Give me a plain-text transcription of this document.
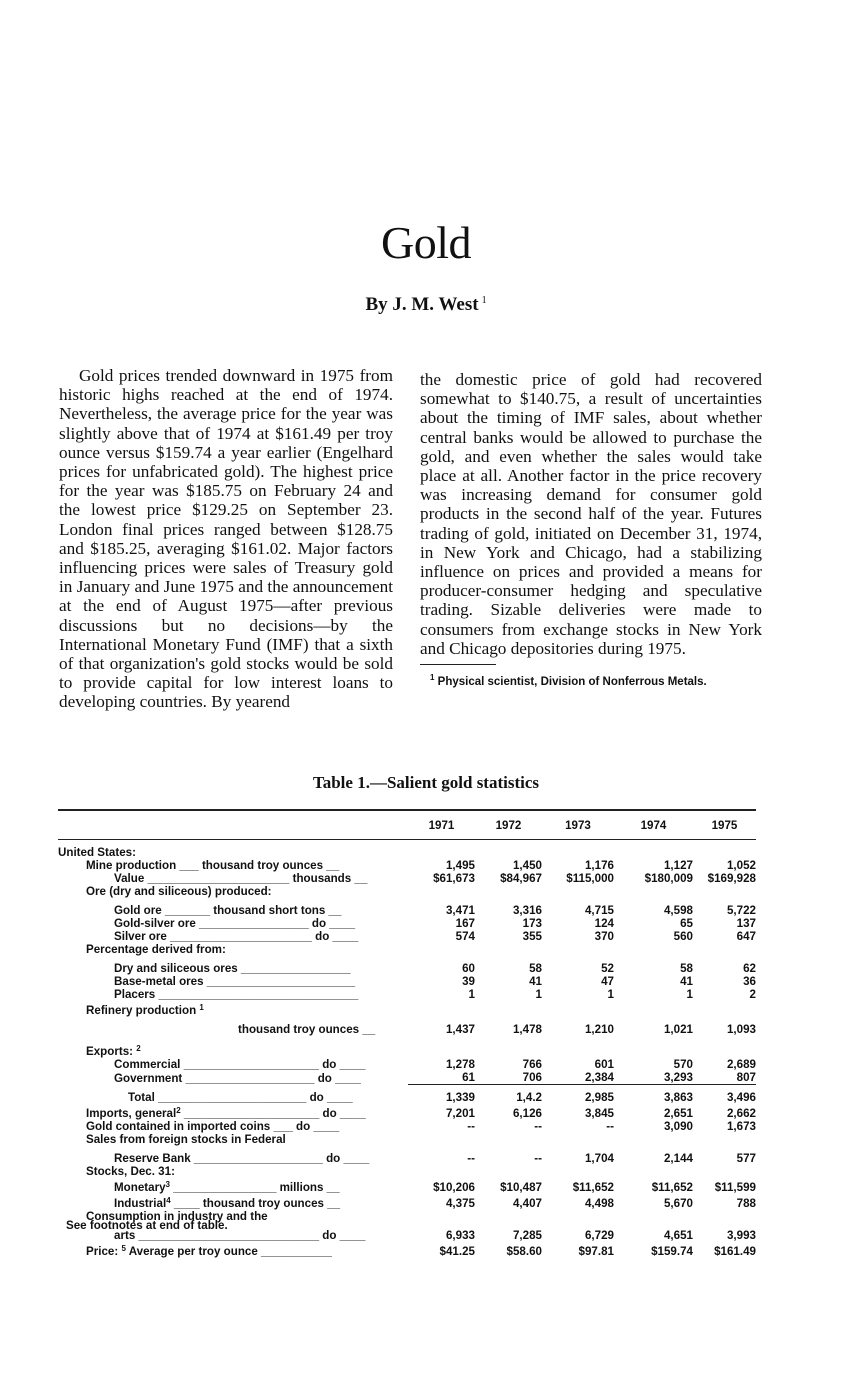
Gold
By J. M. West $^1$
Gold prices trended downward in 1975 from historic highs reached at the end of 1974. Nevertheless, the average price for the year was slightly above that of 1974 at $161.49 per troy ounce versus $159.74 a year earlier (Engelhard prices for unfabricated gold). The highest price for the year was $185.75 on February 24 and the lowest price $129.25 on September 23. London final prices ranged between $128.75 and $185.25, averaging $161.02. Major factors influencing prices were sales of Treasury gold in January and June 1975 and the announcement at the end of August 1975—after previous discussions but no decisions—by the International Monetary Fund (IMF) that a sixth of that organization's gold stocks would be sold to provide capital for low interest loans to developing countries. By yearend
the domestic price of gold had recovered somewhat to $140.75, a result of uncertainties about the timing of IMF sales, about whether central banks would be allowed to purchase the gold, and even whether the sales would take place at all. Another factor in the price recovery was increasing demand for consumer gold products in the second half of the year. Futures trading of gold, initiated on December 31, 1974, in New York and Chicago, had a stabilizing influence on prices and provided a means for producer-consumer hedging and speculative trading. Sizable deliveries were made to consumers from exchange stocks in New York and Chicago depositories during 1975.
$^1$ Physical scientist, Division of Nonferrous Metals.
Table 1.—Salient gold statistics
	1971	1972	1973	1974	1975

United States:					
Mine production ___ thousand troy ounces __	1,495	1,450	1,176	1,127	1,052
Value ______________________ thousands __	$61,673	$84,967	$115,000	$180,009	$169,928
Ore (dry and siliceous) produced:					

Gold ore _______ thousand short tons __	3,471	3,316	4,715	4,598	5,722
Gold-silver ore _________________ do ____	167	173	124	65	137
Silver ore ______________________ do ____	574	355	370	560	647
Percentage derived from:					

Dry and siliceous ores _________________	60	58	52	58	62
Base-metal ores _______________________	39	41	47	41	36
Placers _______________________________	1	1	1	1	2
Refinery production $^1$

thousand troy ounces __	1,437	1,478	1,210	1,021	1,093

Exports: $^2$
Commercial _____________________ do ____	1,278	766	601	570	2,689
Government ____________________ do ____	61	706	2,384	3,293	807

Total _______________________ do ____	1,339	1,4.2	2,985	3,863	3,496
Imports, general$^2$ _____________________ do ____	7,201	6,126	3,845	2,651	2,662
Gold contained in imported coins ___ do ____	--	--	--	3,090	1,673
Sales from foreign stocks in Federal					

Reserve Bank ____________________ do ____	--	--	1,704	2,144	577
Stocks, Dec. 31:					
Monetary$^3$ ________________ millions __	$10,206	$10,487	$11,652	$11,652	$11,599
Industrial$^4$ ____ thousand troy ounces __	4,375	4,407	4,498	5,670	788
Consumption in industry and the					

arts ____________________________ do ____	6,933	7,285	6,729	4,651	3,993
Price: $^5$ Average per troy ounce ___________	$41.25	$58.60	$97.81	$159.74	$161.49
See footnotes at end of table.
